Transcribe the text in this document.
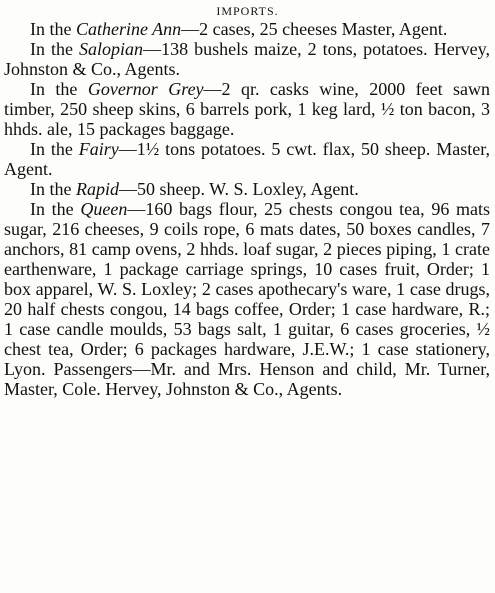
IMPORTS.

In the Catherine Ann—2 cases, 25 cheeses Master, Agent.

In the Salopian—138 bushels maize, 2 tons, potatoes. Hervey, Johnston & Co., Agents.

In the Governor Grey—2 qr. casks wine, 2000 feet sawn timber, 250 sheep skins, 6 barrels pork, 1 keg lard, ½ ton bacon, 3 hhds. ale, 15 packages baggage.

In the Fairy—1½ tons potatoes. 5 cwt. flax, 50 sheep. Master, Agent.

In the Rapid—50 sheep. W. S. Loxley, Agent.

In the Queen—160 bags flour, 25 chests congou tea, 96 mats sugar, 216 cheeses, 9 coils rope, 6 mats dates, 50 boxes candles, 7 anchors, 81 camp ovens, 2 hhds. loaf sugar, 2 pieces piping, 1 crate earthenware, 1 package carriage springs, 10 cases fruit, Order; 1 box apparel, W. S. Loxley; 2 cases apothecary's ware, 1 case drugs, 20 half chests congou, 14 bags coffee, Order; 1 case hardware, R.; 1 case candle moulds, 53 bags salt, 1 guitar, 6 cases groceries, ½ chest tea, Order; 6 packages hardware, J.E.W.; 1 case stationery, Lyon. Passengers—Mr. and Mrs. Henson and child, Mr. Turner, Master, Cole. Hervey, Johnston & Co., Agents.
